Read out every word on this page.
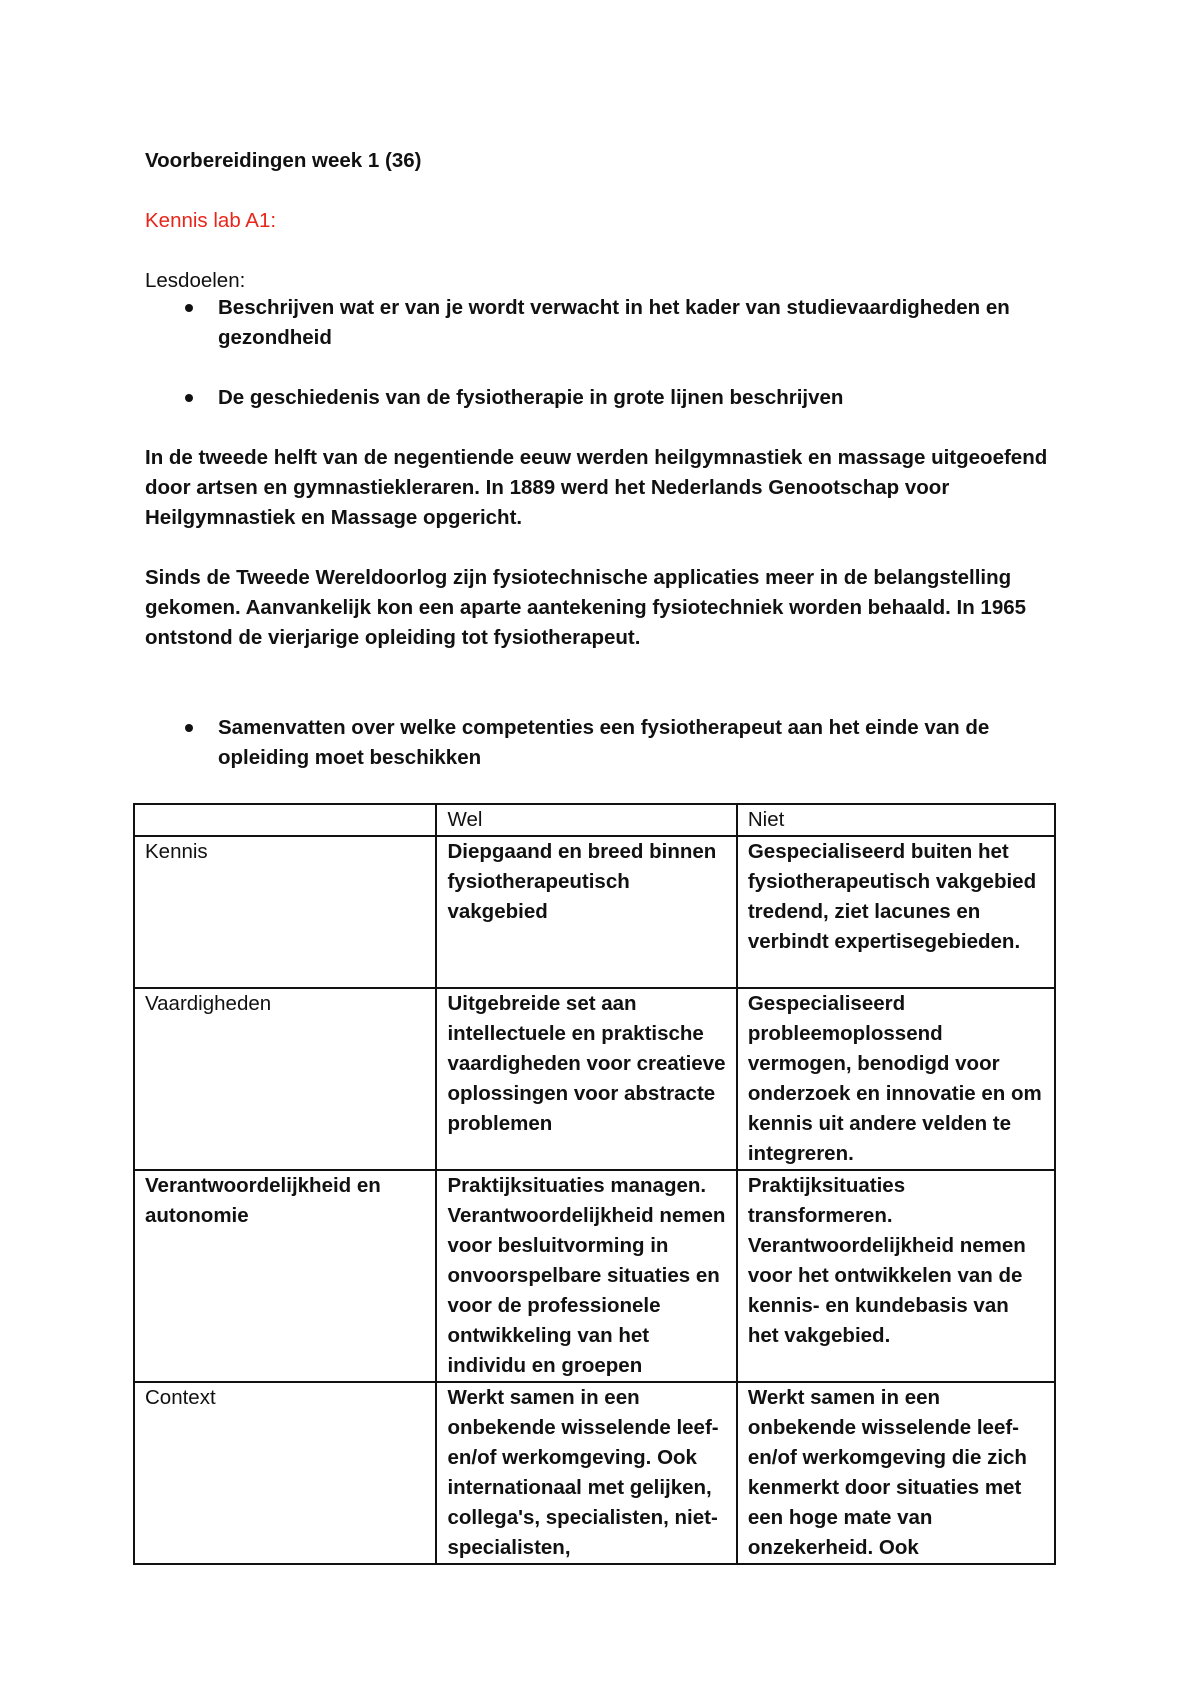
Voorbereidingen week 1 (36)
Kennis lab A1:
Lesdoelen:
Beschrijven wat er van je wordt verwacht in het kader van studievaardigheden en gezondheid
De geschiedenis van de fysiotherapie in grote lijnen beschrijven

In de tweede helft van de negentiende eeuw werden heilgymnastiek en massage uitgeoefend door artsen en gymnastiekleraren. In 1889 werd het Nederlands Genootschap voor Heilgymnastiek en Massage opgericht.

Sinds de Tweede Wereldoorlog zijn fysiotechnische applicaties meer in de belangstelling gekomen. Aanvankelijk kon een aparte aantekening fysiotechniek worden behaald. In 1965 ontstond de vierjarige opleiding tot fysiotherapeut.

Samenvatten over welke competenties een fysiotherapeut aan het einde van de opleiding moet beschikken
	Wel	Niet
Kennis	Diepgaand en breed binnen fysiotherapeutisch vakgebied	Gespecialiseerd buiten het fysiotherapeutisch vakgebied tredend, ziet lacunes en verbindt expertisegebieden.
Vaardigheden	Uitgebreide set aan intellectuele en praktische vaardigheden voor creatieve oplossingen voor abstracte problemen	Gespecialiseerd probleemoplossend vermogen, benodigd voor onderzoek en innovatie en om kennis uit andere velden te integreren.
Verantwoordelijkheid en autonomie	Praktijksituaties managen. Verantwoordelijkheid nemen voor besluitvorming in onvoorspelbare situaties en voor de professionele ontwikkeling van het individu en groepen	Praktijksituaties transformeren. Verantwoordelijkheid nemen voor het ontwikkelen van de kennis- en kundebasis van het vakgebied.
Context	Werkt samen in een onbekende wisselende leef- en/of werkomgeving. Ook internationaal met gelijken, collega's, specialisten, niet-specialisten,	Werkt samen in een onbekende wisselende leef- en/of werkomgeving die zich kenmerkt door situaties met een hoge mate van onzekerheid. Ook
